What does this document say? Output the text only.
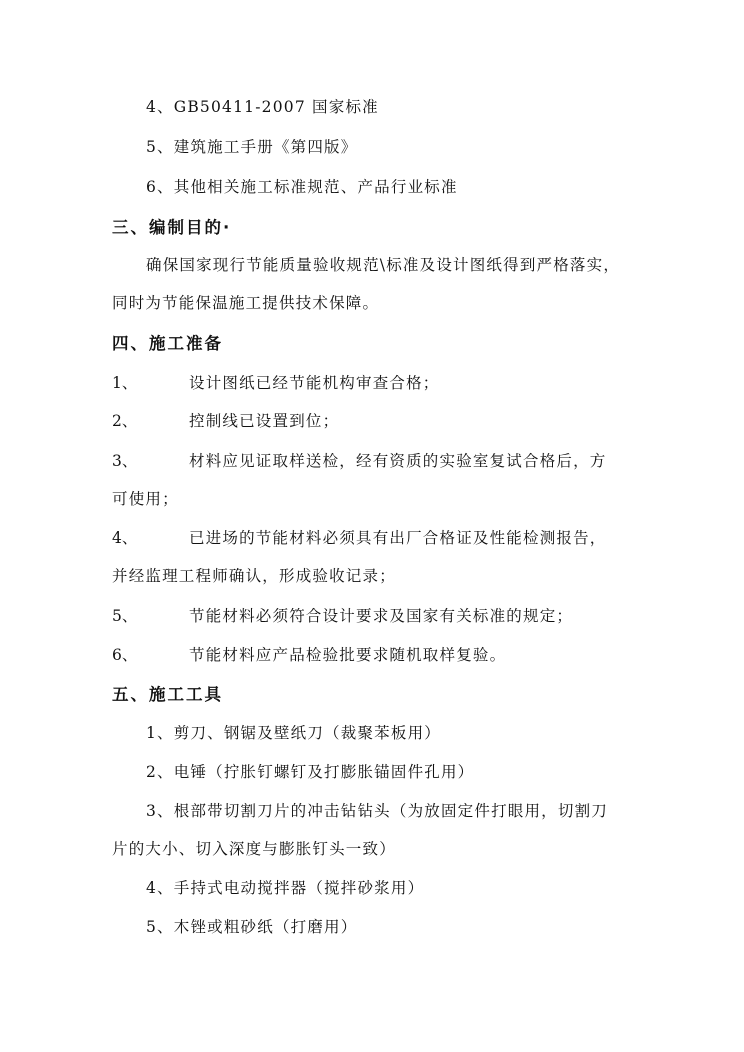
4、GB50411-2007 国家标准
5、建筑施工手册《第四版》
6、其他相关施工标准规范、产品行业标准
三、编制目的·
确保国家现行节能质量验收规范\标准及设计图纸得到严格落实，
同时为节能保温施工提供技术保障。
四、施工准备
1、	设计图纸已经节能机构审查合格；
2、	控制线已设置到位；
3、	材料应见证取样送检，经有资质的实验室复试合格后，方
可使用；
4、	已进场的节能材料必须具有出厂合格证及性能检测报告，
并经监理工程师确认，形成验收记录；
5、	节能材料必须符合设计要求及国家有关标准的规定；
6、	节能材料应产品检验批要求随机取样复验。
五、施工工具
1、剪刀、钢锯及壁纸刀（裁聚苯板用）
2、电锤（拧胀钉螺钉及打膨胀锚固件孔用）
3、根部带切割刀片的冲击钻钻头（为放固定件打眼用，切割刀
片的大小、切入深度与膨胀钉头一致）
4、手持式电动搅拌器（搅拌砂浆用）
5、木锉或粗砂纸（打磨用）
